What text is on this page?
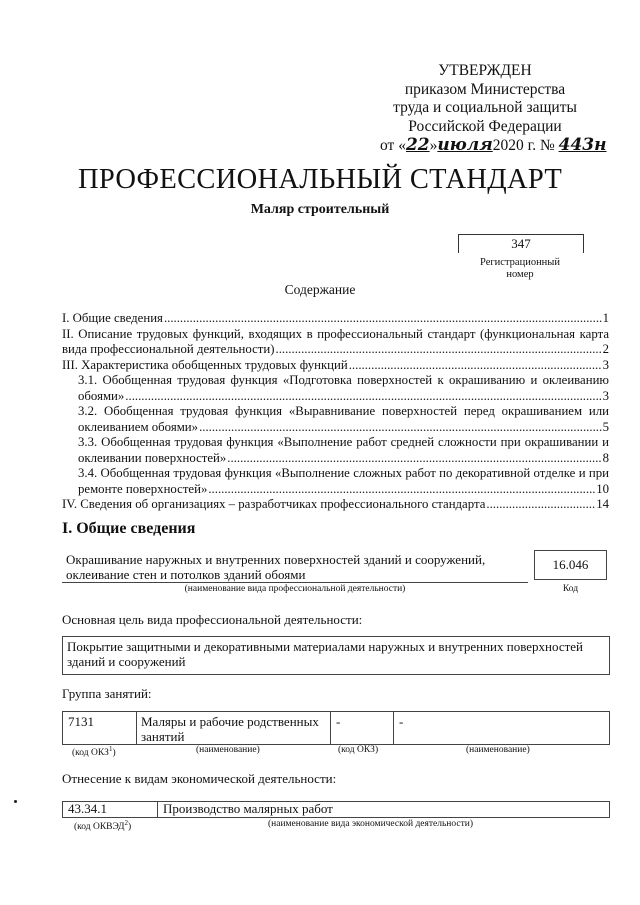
УТВЕРЖДЕН
приказом Министерства
труда и социальной защиты
Российской Федерации
от «22»июля2020 г. № 443н
ПРОФЕССИОНАЛЬНЫЙ СТАНДАРТ
Маляр строительный
347
Регистрационный
номер
Содержание
I. Общие сведения .....	1
II. Описание трудовых функций, входящих в профессиональный стандарт (функциональная карта
вида профессиональной деятельности) .....	2
III. Характеристика обобщенных трудовых функций .....	3
3.1. Обобщенная трудовая функция «Подготовка поверхностей к окрашиванию и оклеиванию
обоями» .....	3
3.2. Обобщенная трудовая функция «Выравнивание поверхностей перед окрашиванием или
оклеиванием обоями» .....	5
3.3. Обобщенная трудовая функция «Выполнение работ средней сложности при окрашивании и
оклеивании поверхностей» .....	8
3.4. Обобщенная трудовая функция «Выполнение сложных работ по декоративной отделке и при
ремонте поверхностей» .....	10
IV. Сведения об организациях – разработчиках профессионального стандарта .....	14
I. Общие сведения
Окрашивание наружных и внутренних поверхностей зданий и сооружений,
оклеивание стен и потолков зданий обоями
(наименование вида профессиональной деятельности)
16.046
Код
Основная цель вида профессиональной деятельности:
Покрытие защитными и декоративными материалами наружных и внутренних поверхностей
зданий и сооружений
Группа занятий:
7131	Маляры и рабочие родственных
занятий
-	-
(код ОКЗ$^1$)	(наименование)	(код ОКЗ)	(наименование)
Отнесение к видам экономической деятельности:
43.34.1	Производство малярных работ
(код ОКВЭД$^2$)	(наименование вида экономической деятельности)
